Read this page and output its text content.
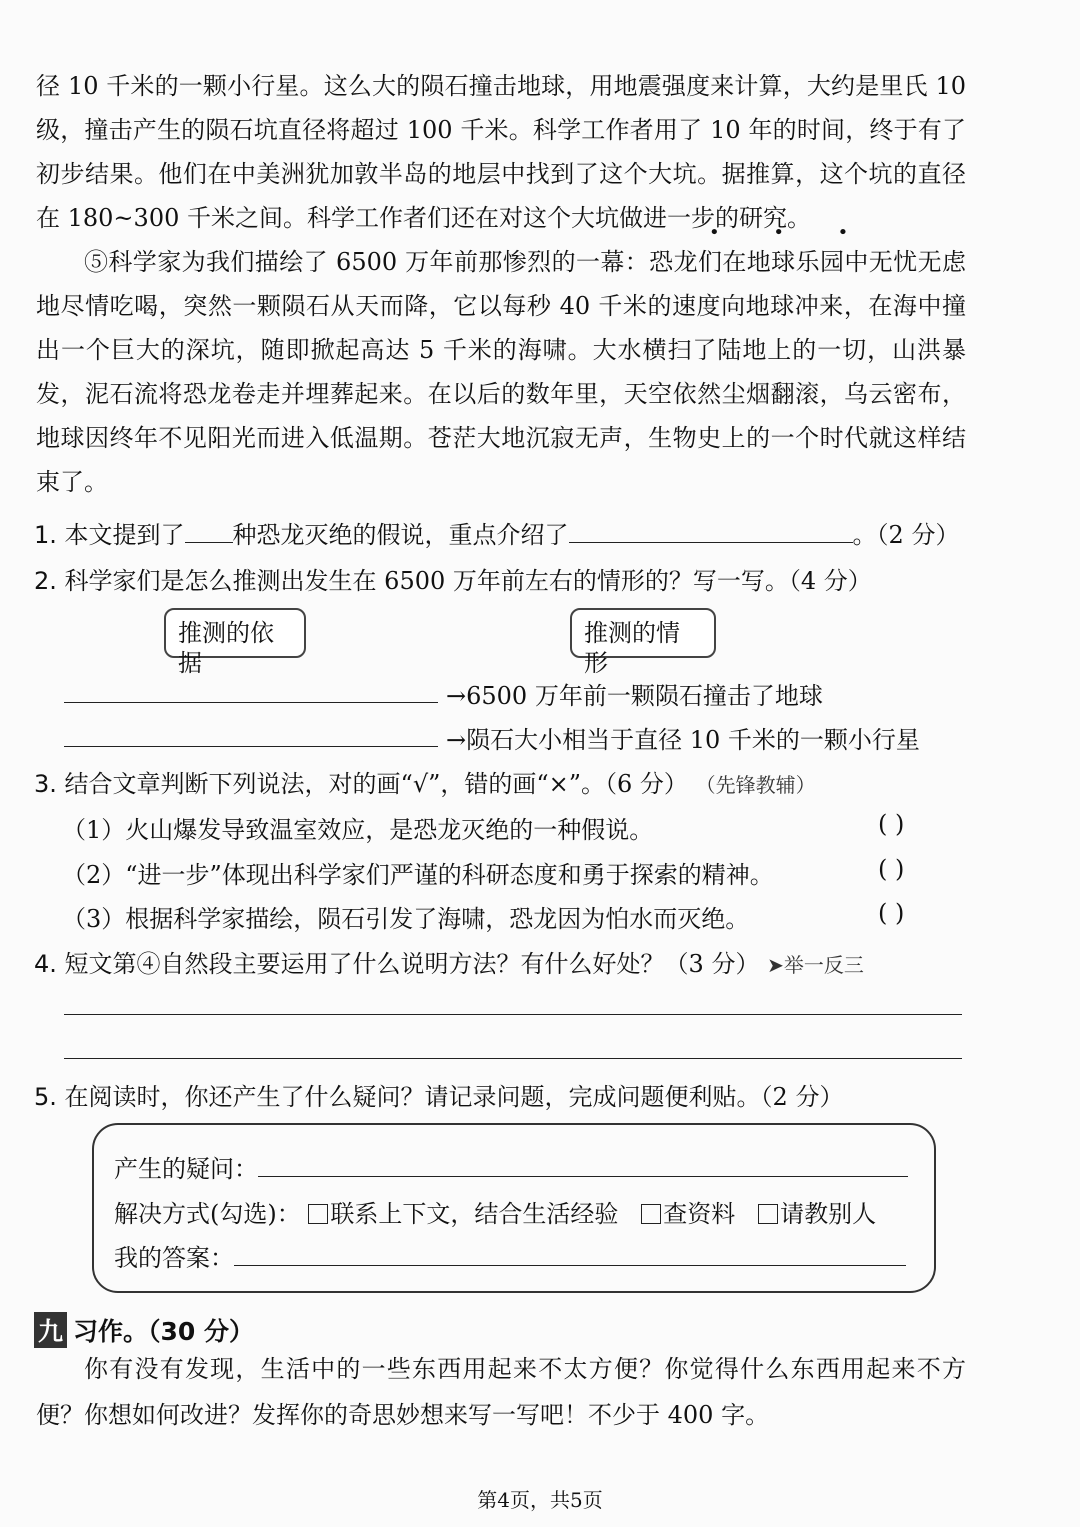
径 10 千米的一颗小行星。这么大的陨石撞击地球，用地震强度来计算，大约是里氏 10 级，撞击产生的陨石坑直径将超过 100 千米。科学工作者用了 10 年的时间，终于有了初步结果。他们在中美洲犹加敦半岛的地层中找到了这个大坑。据推算，这个坑的直径在 180~300 千米之间。科学工作者们还在对这个大坑做进一步的研究。
• • •
⑤科学家为我们描绘了 6500 万年前那惨烈的一幕：恐龙们在地球乐园中无忧无虑地尽情吃喝，突然一颗陨石从天而降，它以每秒 40 千米的速度向地球冲来，在海中撞出一个巨大的深坑，随即掀起高达 5 千米的海啸。大水横扫了陆地上的一切，山洪暴发，泥石流将恐龙卷走并埋葬起来。在以后的数年里，天空依然尘烟翻滚，乌云密布，地球因终年不见阳光而进入低温期。苍茫大地沉寂无声，生物史上的一个时代就这样结束了。
1. 本文提到了 种恐龙灭绝的假说，重点介绍了	。（2 分）
2. 科学家们是怎么推测出发生在 6500 万年前左右的情形的？写一写。（4 分）
推测的依据
推测的情形
→6500 万年前一颗陨石撞击了地球
→陨石大小相当于直径 10 千米的一颗小行星
3. 结合文章判断下列说法，对的画“√”，错的画“×”。（6 分） （先锋教辅）
（1）火山爆发导致温室效应，是恐龙灭绝的一种假说。	( )
（2）“进一步”体现出科学家们严谨的科研态度和勇于探索的精神。	( )
（3）根据科学家描绘，陨石引发了海啸，恐龙因为怕水而灭绝。	( )
4. 短文第④自然段主要运用了什么说明方法？有什么好处？（3 分） ➤举一反三
5. 在阅读时，你还产生了什么疑问？请记录问题，完成问题便利贴。（2 分）
产生的疑问：
解决方式(勾选)： 联系上下文，结合生活经验 查资料 请教别人
我的答案：
九 习作。（30 分）
你有没有发现，生活中的一些东西用起来不太方便？你觉得什么东西用起来不方便？你想如何改进？发挥你的奇思妙想来写一写吧！不少于 400 字。
第4页，共5页
